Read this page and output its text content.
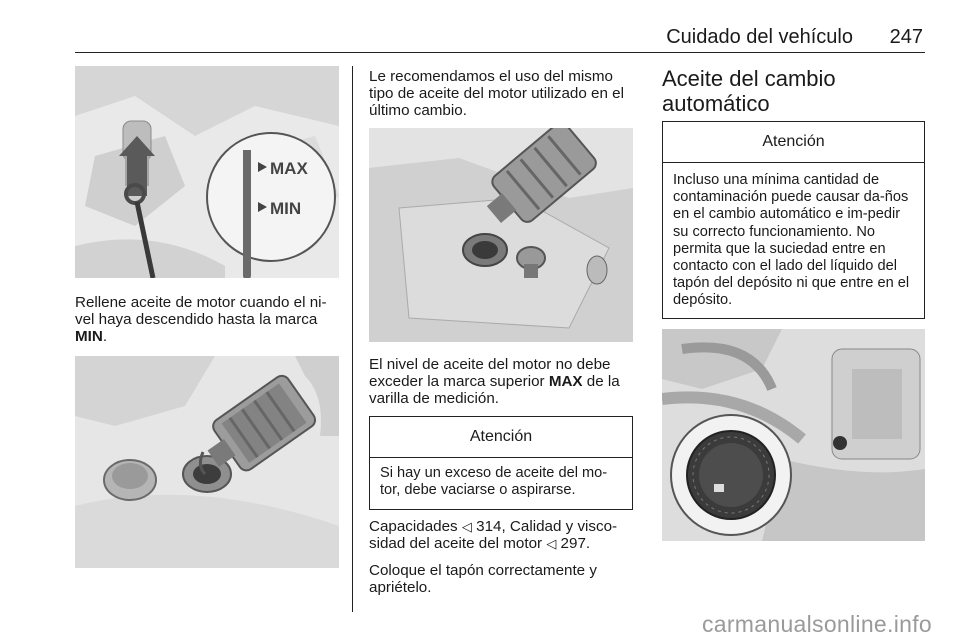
Cuidado del vehículo 247
MAX
MIN

Rellene aceite de motor cuando el ni-vel haya descendido hasta la marca MIN.

Le recomendamos el uso del mismo tipo de aceite del motor utilizado en el último cambio.

El nivel de aceite del motor no debe exceder la marca superior MAX de la varilla de medición.

Atención
Si hay un exceso de aceite del mo-tor, debe vaciarse o aspirarse.

Capacidades ◁ 314, Calidad y visco-sidad del aceite del motor ◁ 297.

Coloque el tapón correctamente y apriételo.

Aceite del cambio automático
Atención
Incluso una mínima cantidad de contaminación puede causar da-ños en el cambio automático e im-pedir su correcto funcionamiento. No permita que la suciedad entre en contacto con el lado del líquido del tapón del depósito ni que entre en el depósito.
carmanualsonline.info
